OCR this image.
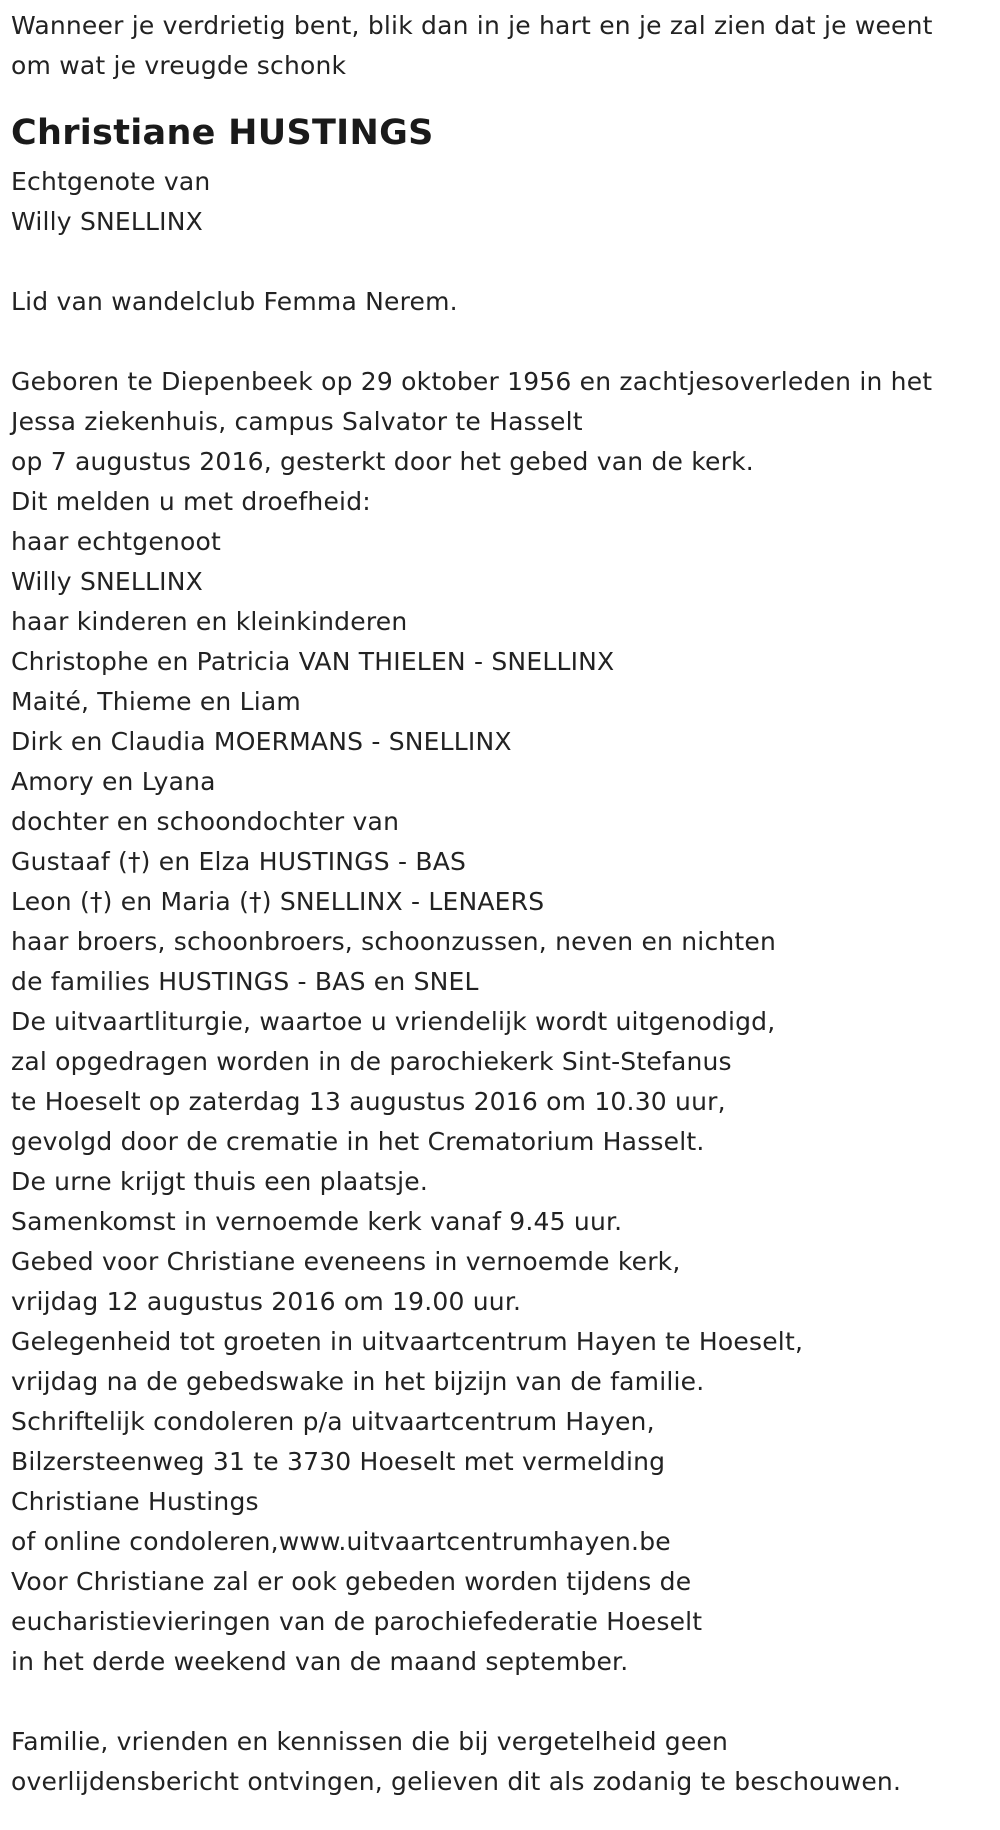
Wanneer je verdrietig bent, blik dan in je hart en je zal zien dat je weent
om wat je vreugde schonk
Christiane HUSTINGS
Echtgenote van
Willy SNELLINX
Lid van wandelclub Femma Nerem.
Geboren te Diepenbeek op 29 oktober 1956 en zachtjesoverleden in het
Jessa ziekenhuis, campus Salvator te Hasselt
op 7 augustus 2016, gesterkt door het gebed van de kerk.
Dit melden u met droefheid:
haar echtgenoot
Willy SNELLINX
haar kinderen en kleinkinderen
Christophe en Patricia VAN THIELEN - SNELLINX
Maité, Thieme en Liam
Dirk en Claudia MOERMANS - SNELLINX
Amory en Lyana
dochter en schoondochter van
Gustaaf (†) en Elza HUSTINGS - BAS
Leon (†) en Maria (†) SNELLINX - LENAERS
haar broers, schoonbroers, schoonzussen, neven en nichten
de families HUSTINGS - BAS en SNEL
De uitvaartliturgie, waartoe u vriendelijk wordt uitgenodigd,
zal opgedragen worden in de parochiekerk Sint-Stefanus
te Hoeselt op zaterdag 13 augustus 2016 om 10.30 uur,
gevolgd door de crematie in het Crematorium Hasselt.
De urne krijgt thuis een plaatsje.
Samenkomst in vernoemde kerk vanaf 9.45 uur.
Gebed voor Christiane eveneens in vernoemde kerk,
vrijdag 12 augustus 2016 om 19.00 uur.
Gelegenheid tot groeten in uitvaartcentrum Hayen te Hoeselt,
vrijdag na de gebedswake in het bijzijn van de familie.
Schriftelijk condoleren p/a uitvaartcentrum Hayen,
Bilzersteenweg 31 te 3730 Hoeselt met vermelding
Christiane Hustings
of online condoleren,www.uitvaartcentrumhayen.be
Voor Christiane zal er ook gebeden worden tijdens de
eucharistievieringen van de parochiefederatie Hoeselt
in het derde weekend van de maand september.
Familie, vrienden en kennissen die bij vergetelheid geen
overlijdensbericht ontvingen, gelieven dit als zodanig te beschouwen.
